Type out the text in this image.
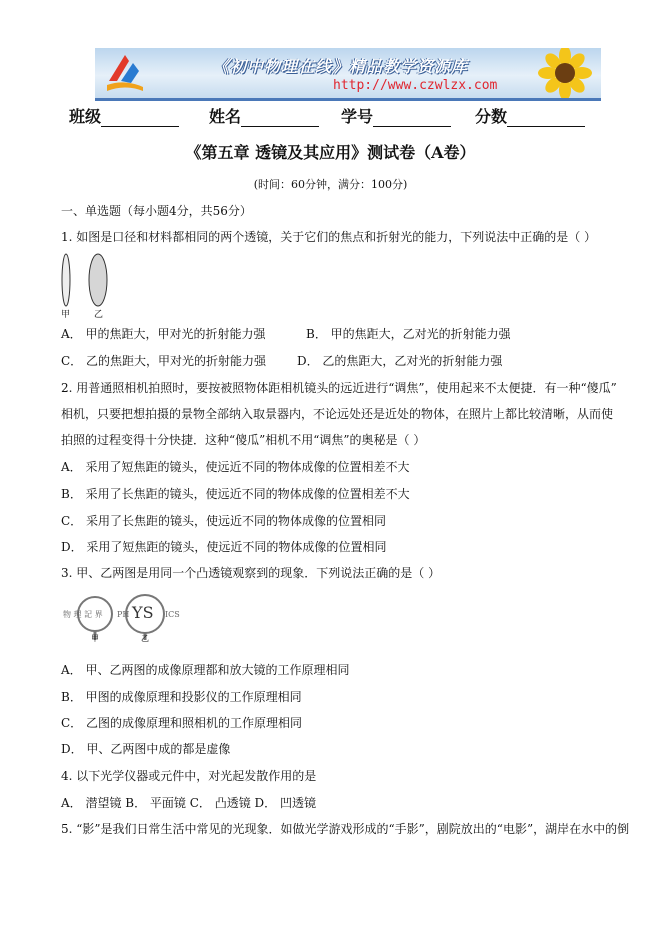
《初中物理在线》精品教学资源库
http://www.czwlzx.com
班级	姓名	学号	分数
《第五章 透镜及其应用》测试卷（A卷）
(时间：60分钟，满分：100分)
一、单选题（每小题4分，共56分）
1. 如图是口径和材料都相同的两个透镜，关于它们的焦点和折射光的能力，下列说法中正确的是（ ）
甲	乙
A． 甲的焦距大，甲对光的折射能力强	B． 甲的焦距大，乙对光的折射能力强
C． 乙的焦距大，甲对光的折射能力强	D． 乙的焦距大，乙对光的折射能力强
2. 用普通照相机拍照时，要按被照物体距相机镜头的远近进行“调焦”，使用起来不太便捷．有一种“傻瓜”
相机，只要把想拍摄的景物全部纳入取景器内，不论远处还是近处的物体，在照片上都比较清晰，从而使
拍照的过程变得十分快捷．这种“傻瓜”相机不用“调焦”的奥秘是（ ）
A． 采用了短焦距的镜头，使远近不同的物体成像的位置相差不大
B． 采用了长焦距的镜头，使远近不同的物体成像的位置相差不大
C． 采用了长焦距的镜头，使远近不同的物体成像的位置相同
D． 采用了短焦距的镜头，使远近不同的物体成像的位置相同
3. 甲、乙两图是用同一个凸透镜观察到的现象．下列说法正确的是（ ）
物 理 記 界 PH YS ICS
甲	乙
A． 甲、乙两图的成像原理都和放大镜的工作原理相同
B． 甲图的成像原理和投影仪的工作原理相同
C． 乙图的成像原理和照相机的工作原理相同
D． 甲、乙两图中成的都是虚像
4. 以下光学仪器或元件中，对光起发散作用的是
A． 潜望镜 B． 平面镜 C． 凸透镜 D． 凹透镜
5. “影”是我们日常生活中常见的光现象．如做光学游戏形成的“手影”，剧院放出的“电影”，湖岸在水中的倒
